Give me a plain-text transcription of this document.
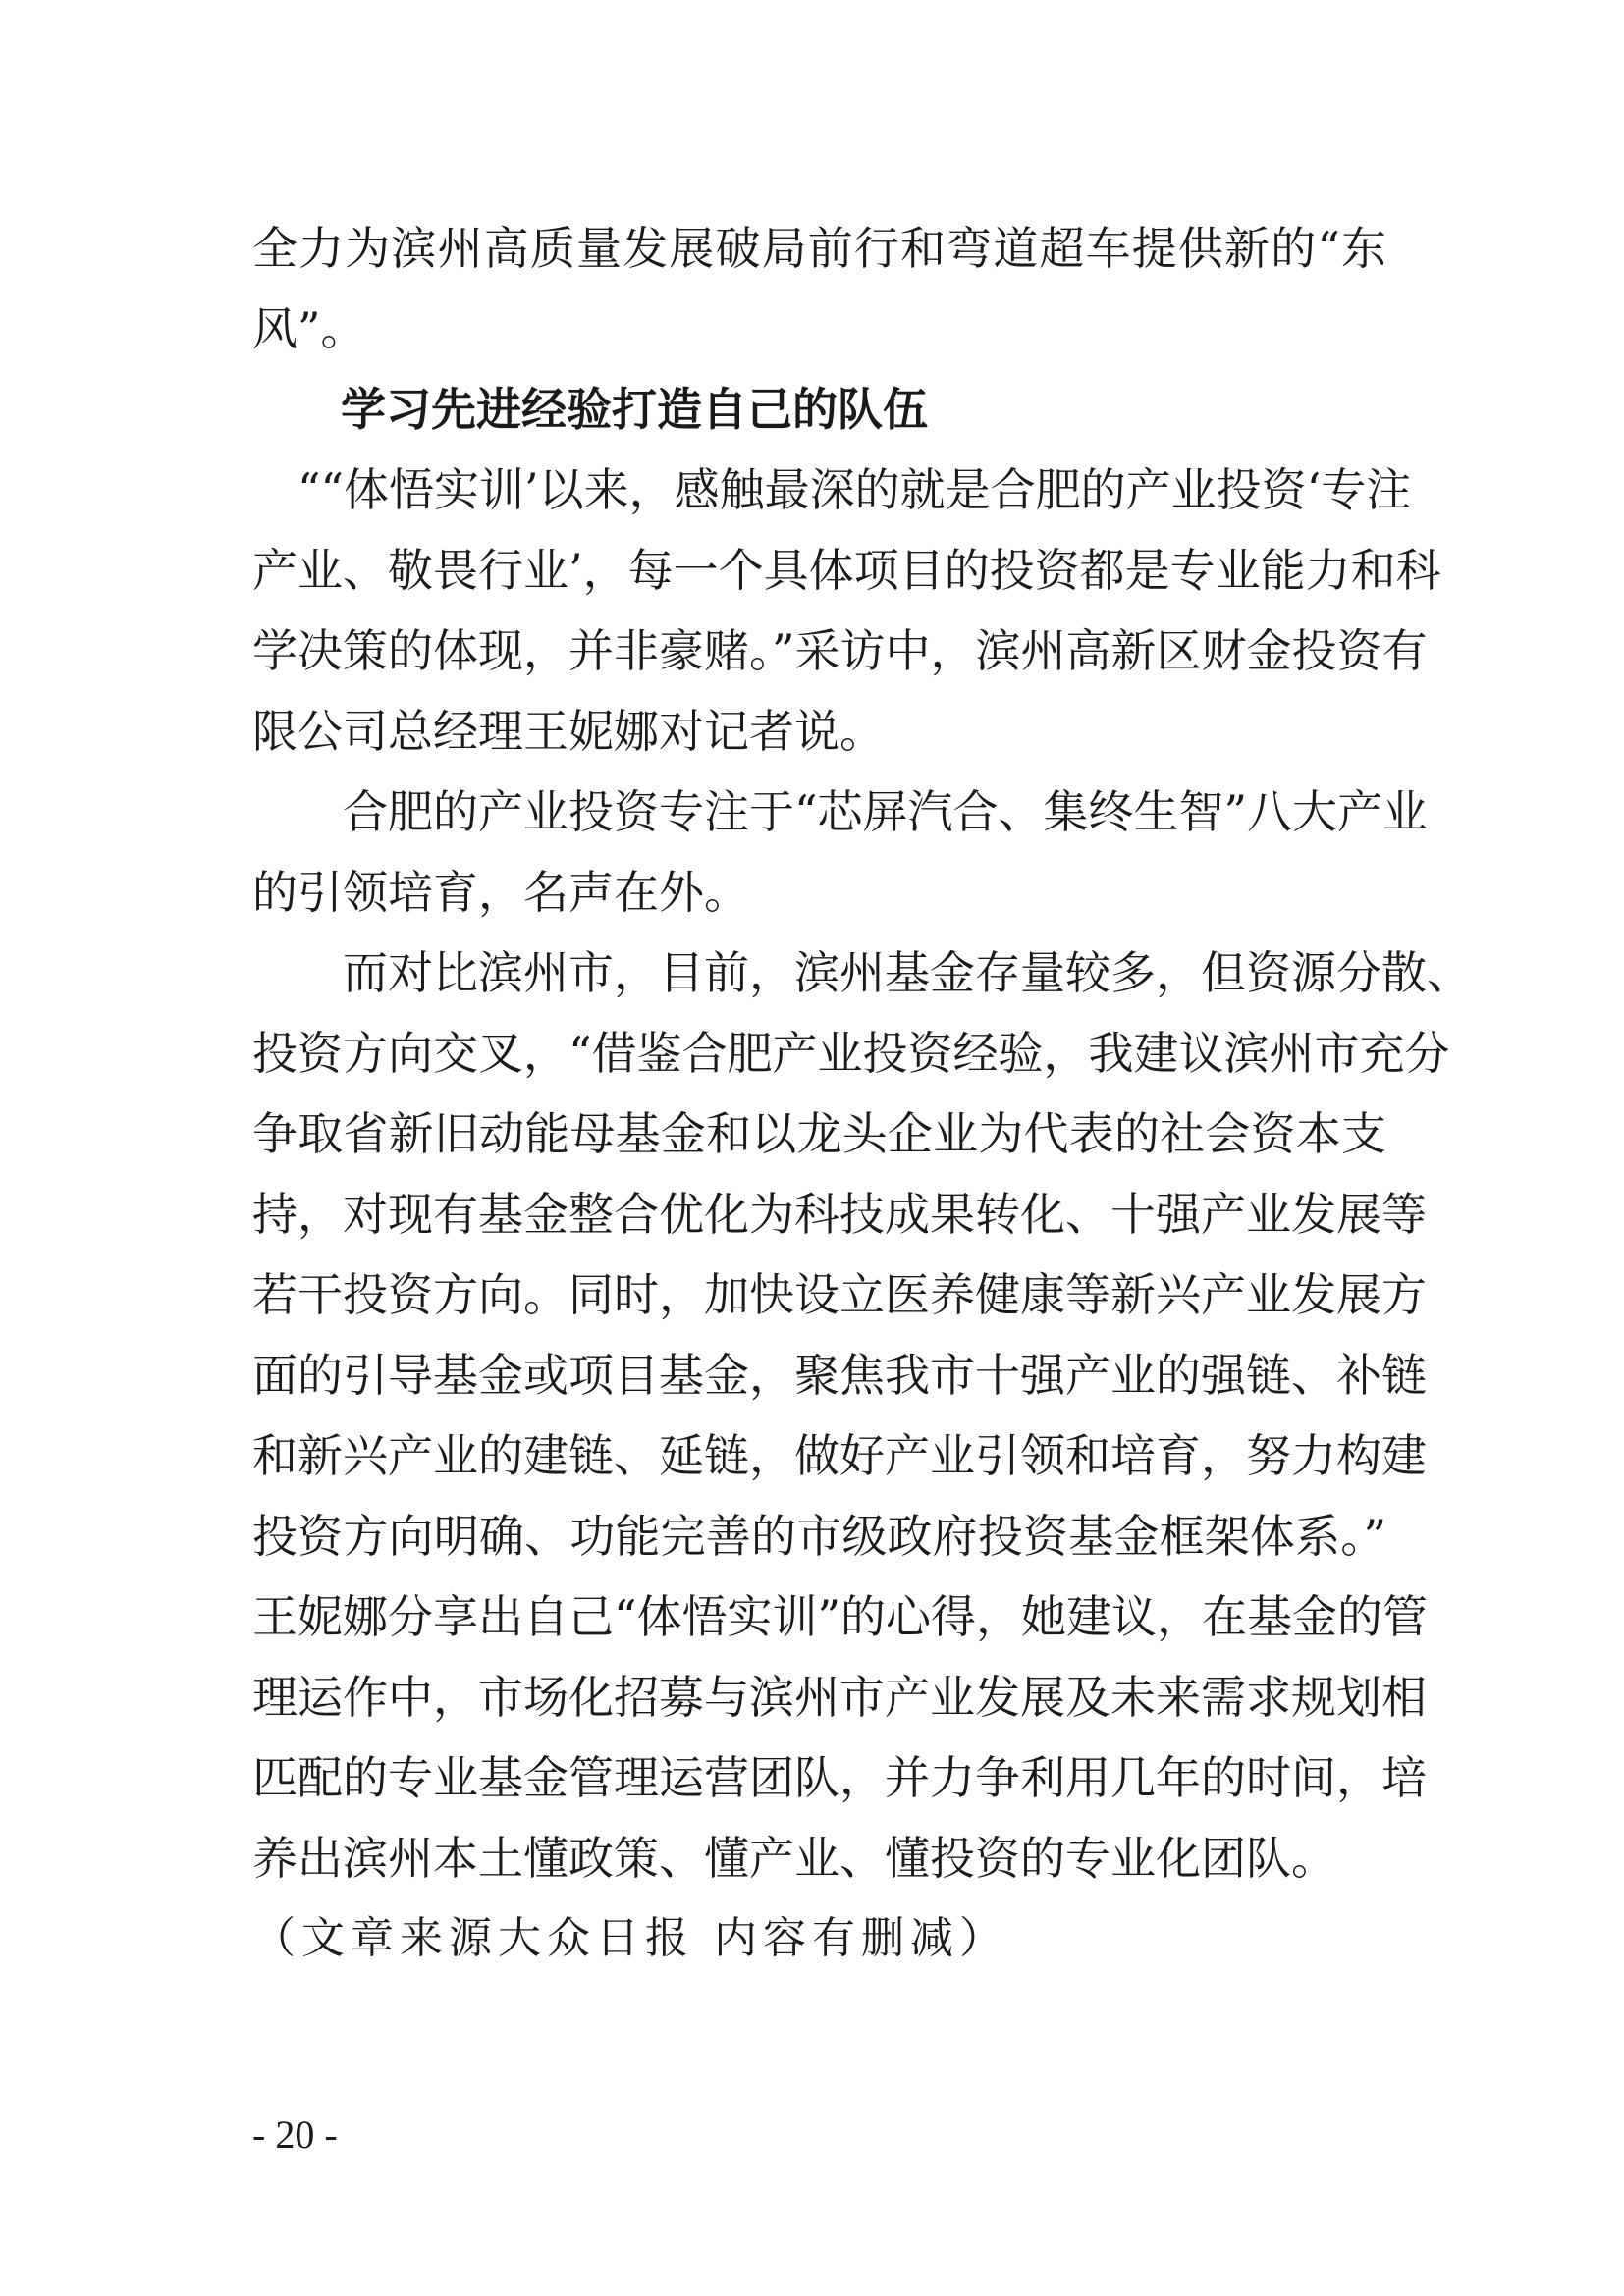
全力为滨州高质量发展破局前行和弯道超车提供新的“东
风”。
学习先进经验打造自己的队伍
““体悟实训’以来，感触最深的就是合肥的产业投资‘专注
产业、敬畏行业’，每一个具体项目的投资都是专业能力和科
学决策的体现，并非豪赌。”采访中，滨州高新区财金投资有
限公司总经理王妮娜对记者说。
合肥的产业投资专注于“芯屏汽合、集终生智”八大产业
的引领培育，名声在外。
而对比滨州市，目前，滨州基金存量较多，但资源分散、
投资方向交叉，“借鉴合肥产业投资经验，我建议滨州市充分
争取省新旧动能母基金和以龙头企业为代表的社会资本支
持，对现有基金整合优化为科技成果转化、十强产业发展等
若干投资方向。同时，加快设立医养健康等新兴产业发展方
面的引导基金或项目基金，聚焦我市十强产业的强链、补链
和新兴产业的建链、延链，做好产业引领和培育，努力构建
投资方向明确、功能完善的市级政府投资基金框架体系。”
王妮娜分享出自己“体悟实训”的心得，她建议，在基金的管
理运作中，市场化招募与滨州市产业发展及未来需求规划相
匹配的专业基金管理运营团队，并力争利用几年的时间，培
养出滨州本土懂政策、懂产业、懂投资的专业化团队。
（文章来源大众日报 内容有删减）
- 20 -
